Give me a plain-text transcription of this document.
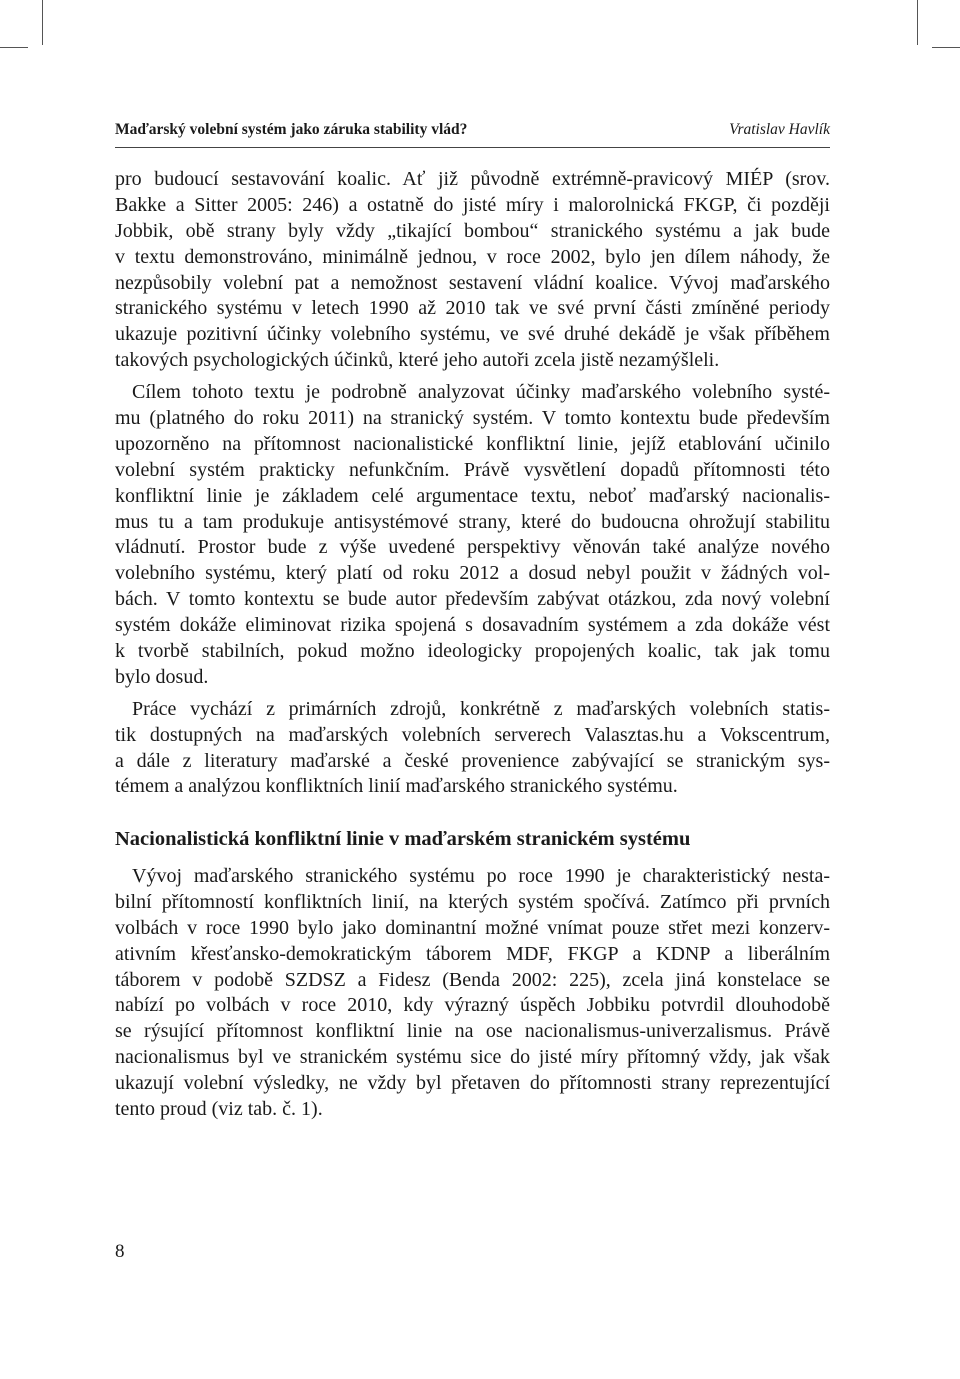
Maďarský volební systém jako záruka stability vlád?	Vratislav Havlík
pro budoucí sestavování koalic. Ať již původně extrémně-pravicový MIÉP (srov.
Bakke a Sitter 2005: 246) a ostatně do jisté míry i malorolnická FKGP, či později
Jobbik, obě strany byly vždy „tikající bombou“ stranického systému a jak bude
v textu demonstrováno, minimálně jednou, v roce 2002, bylo jen dílem náhody, že
nezpůsobily volební pat a nemožnost sestavení vládní koalice. Vývoj maďarského
stranického systému v letech 1990 až 2010 tak ve své první části zmíněné periody
ukazuje pozitivní účinky volebního systému, ve své druhé dekádě je však příběhem
takových psychologických účinků, které jeho autoři zcela jistě nezamýšleli.
Cílem tohoto textu je podrobně analyzovat účinky maďarského volebního systé-
mu (platného do roku 2011) na stranický systém. V tomto kontextu bude především
upozorněno na přítomnost nacionalistické konfliktní linie, jejíž etablování učinilo
volební systém prakticky nefunkčním. Právě vysvětlení dopadů přítomnosti této
konfliktní linie je základem celé argumentace textu, neboť maďarský nacionalis-
mus tu a tam produkuje antisystémové strany, které do budoucna ohrožují stabilitu
vládnutí. Prostor bude z výše uvedené perspektivy věnován také analýze nového
volebního systému, který platí od roku 2012 a dosud nebyl použit v žádných vol-
bách. V tomto kontextu se bude autor především zabývat otázkou, zda nový volební
systém dokáže eliminovat rizika spojená s dosavadním systémem a zda dokáže vést
k tvorbě stabilních, pokud možno ideologicky propojených koalic, tak jak tomu
bylo dosud.
Práce vychází z primárních zdrojů, konkrétně z maďarských volebních statis-
tik dostupných na maďarských volebních serverech Valasztas.hu a Vokscentrum,
a dále z literatury maďarské a české provenience zabývající se stranickým sys-
témem a analýzou konfliktních linií maďarského stranického systému.
Nacionalistická konfliktní linie v maďarském stranickém systému
Vývoj maďarského stranického systému po roce 1990 je charakteristický nesta-
bilní přítomností konfliktních linií, na kterých systém spočívá. Zatímco při prvních
volbách v roce 1990 bylo jako dominantní možné vnímat pouze střet mezi konzerv-
ativním křesťansko-demokratickým táborem MDF, FKGP a KDNP a liberálním
táborem v podobě SZDSZ a Fidesz (Benda 2002: 225), zcela jiná konstelace se
nabízí po volbách v roce 2010, kdy výrazný úspěch Jobbiku potvrdil dlouhodobě
se rýsující přítomnost konfliktní linie na ose nacionalismus-univerzalismus. Právě
nacionalismus byl ve stranickém systému sice do jisté míry přítomný vždy, jak však
ukazují volební výsledky, ne vždy byl přetaven do přítomnosti strany reprezentující
tento proud (viz tab. č. 1).
8
